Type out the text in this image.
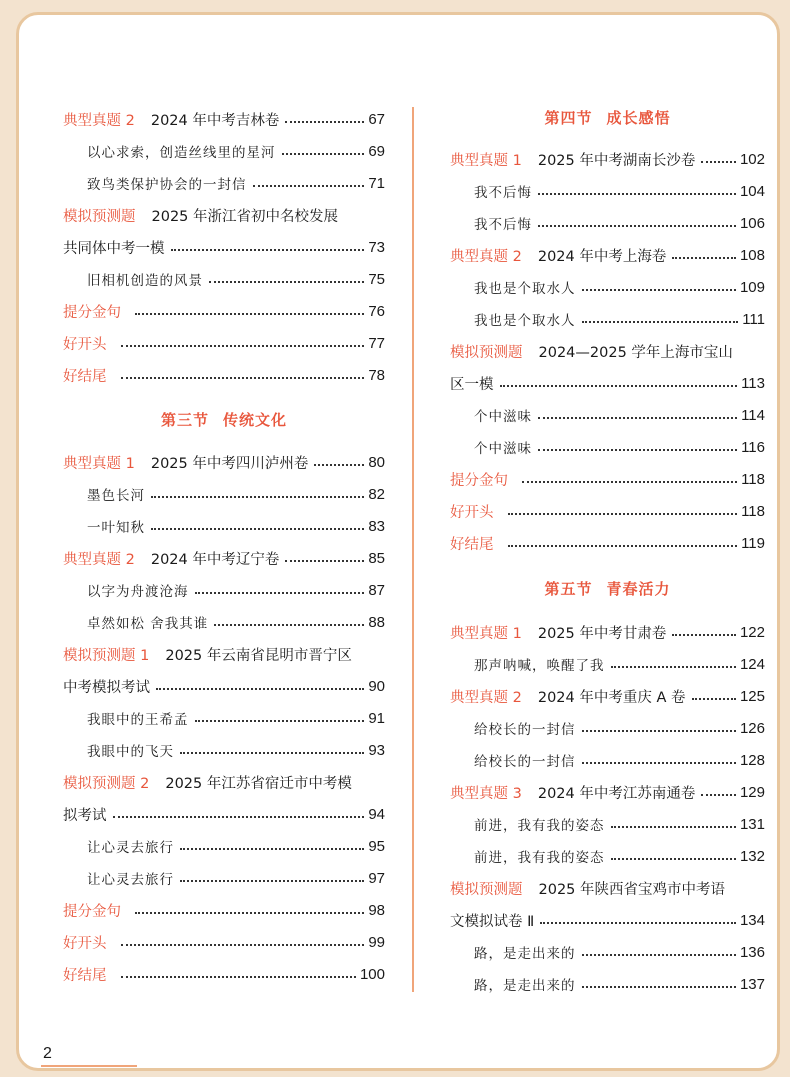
典型真题 2 2024 年中考吉林卷	67
以心求索，创造丝线里的星河	69
致鸟类保护协会的一封信	71
模拟预测题 2025 年浙江省初中名校发展
共同体中考一模	73
旧相机创造的风景	75
提分金句	76
好开头	77
好结尾	78
第三节 传统文化
典型真题 1 2025 年中考四川泸州卷	80
墨色长河	82
一叶知秋	83
典型真题 2 2024 年中考辽宁卷	85
以字为舟渡沧海	87
卓然如松 舍我其谁	88
模拟预测题 1 2025 年云南省昆明市晋宁区
中考模拟考试	90
我眼中的王希孟	91
我眼中的飞天	93
模拟预测题 2 2025 年江苏省宿迁市中考模
拟考试	94
让心灵去旅行	95
让心灵去旅行	97
提分金句	98
好开头	99
好结尾	100
第四节 成长感悟
典型真题 1 2025 年中考湖南长沙卷	102
我不后悔	104
我不后悔	106
典型真题 2 2024 年中考上海卷	108
我也是个取水人	109
我也是个取水人	111
模拟预测题 2024—2025 学年上海市宝山
区一模	113
个中滋味	114
个中滋味	116
提分金句	118
好开头	118
好结尾	119
第五节 青春活力
典型真题 1 2025 年中考甘肃卷	122
那声呐喊，唤醒了我	124
典型真题 2 2024 年中考重庆 A 卷	125
给校长的一封信	126
给校长的一封信	128
典型真题 3 2024 年中考江苏南通卷	129
前进，我有我的姿态	131
前进，我有我的姿态	132
模拟预测题 2025 年陕西省宝鸡市中考语
文模拟试卷 Ⅱ	134
路，是走出来的	136
路，是走出来的	137
2
